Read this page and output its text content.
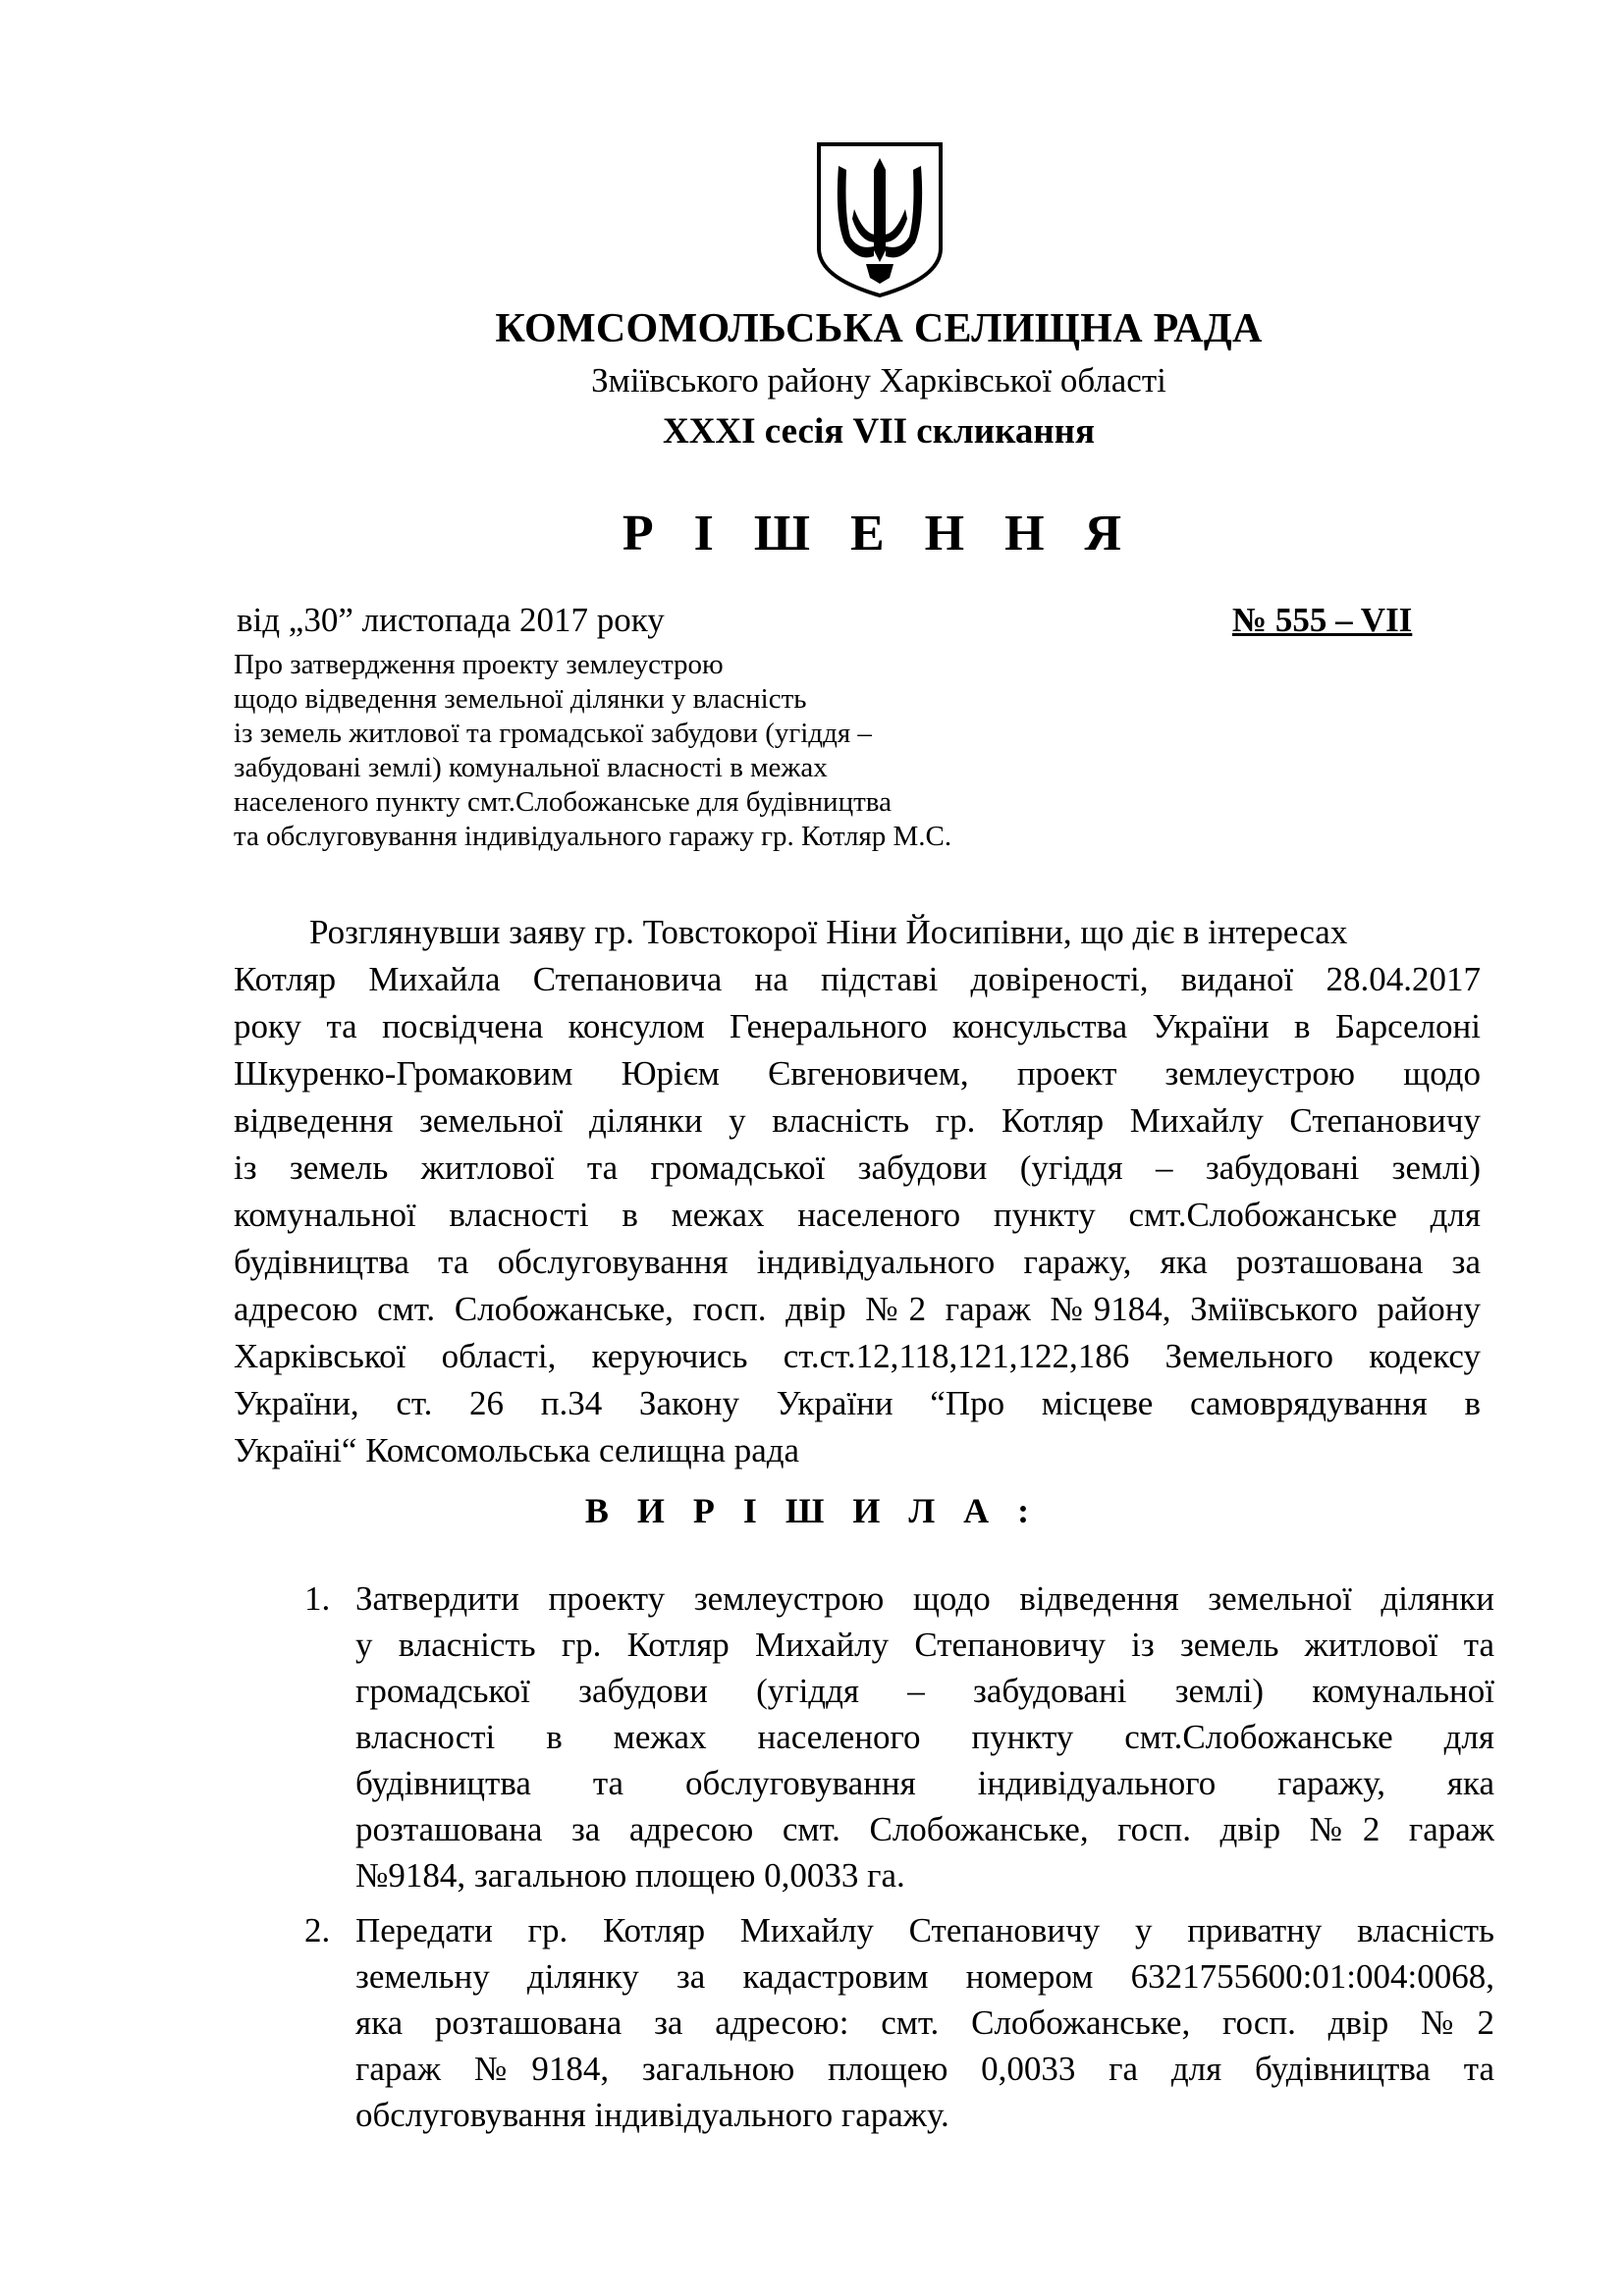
КОМСОМОЛЬСЬКА СЕЛИЩНА РАДА
Зміївського району Харківської області
XXXI сесія VII скликання
Р І Ш Е Н Н Я
від „30” листопада 2017 року	№ 555 – VII
Про затвердження проекту землеустрою
щодо відведення земельної ділянки у власність
із земель житлової та громадської забудови (угіддя –
забудовані землі) комунальної власності в межах
населеного пункту смт.Слобожанське для будівництва
та обслуговування індивідуального гаражу гр. Котляр М.С.
Розглянувши заяву гр. Товстокорої Ніни Йосипівни, що діє в інтересах
Котляр Михайла Степановича на підставі довіреності, виданої 28.04.2017
року та посвідчена консулом Генерального консульства України в Барселоні
Шкуренко-Громаковим Юрієм Євгеновичем, проект землеустрою щодо
відведення земельної ділянки у власність гр. Котляр Михайлу Степановичу
із земель житлової та громадської забудови (угіддя – забудовані землі)
комунальної власності в межах населеного пункту смт.Слобожанське для
будівництва та обслуговування індивідуального гаражу, яка розташована за
адресою смт. Слобожанське, госп. двір №2 гараж №9184, Зміївського району
Харківської області, керуючись ст.ст.12,118,121,122,186 Земельного кодексу
України, ст. 26 п.34 Закону України “Про місцеве самоврядування в
Україні“ Комсомольська селищна рада
В И Р І Ш И Л А :
1. Затвердити проекту землеустрою щодо відведення земельної ділянки
у власність гр. Котляр Михайлу Степановичу із земель житлової та
громадської забудови (угіддя – забудовані землі) комунальної
власності в межах населеного пункту смт.Слобожанське для
будівництва та обслуговування індивідуального гаражу, яка
розташована за адресою смт. Слобожанське, госп. двір №2 гараж
№9184, загальною площею 0,0033 га.
2. Передати гр. Котляр Михайлу Степановичу у приватну власність
земельну ділянку за кадастровим номером 6321755600:01:004:0068,
яка розташована за адресою: смт. Слобожанське, госп. двір №2
гараж №9184, загальною площею 0,0033 га для будівництва та
обслуговування індивідуального гаражу.
